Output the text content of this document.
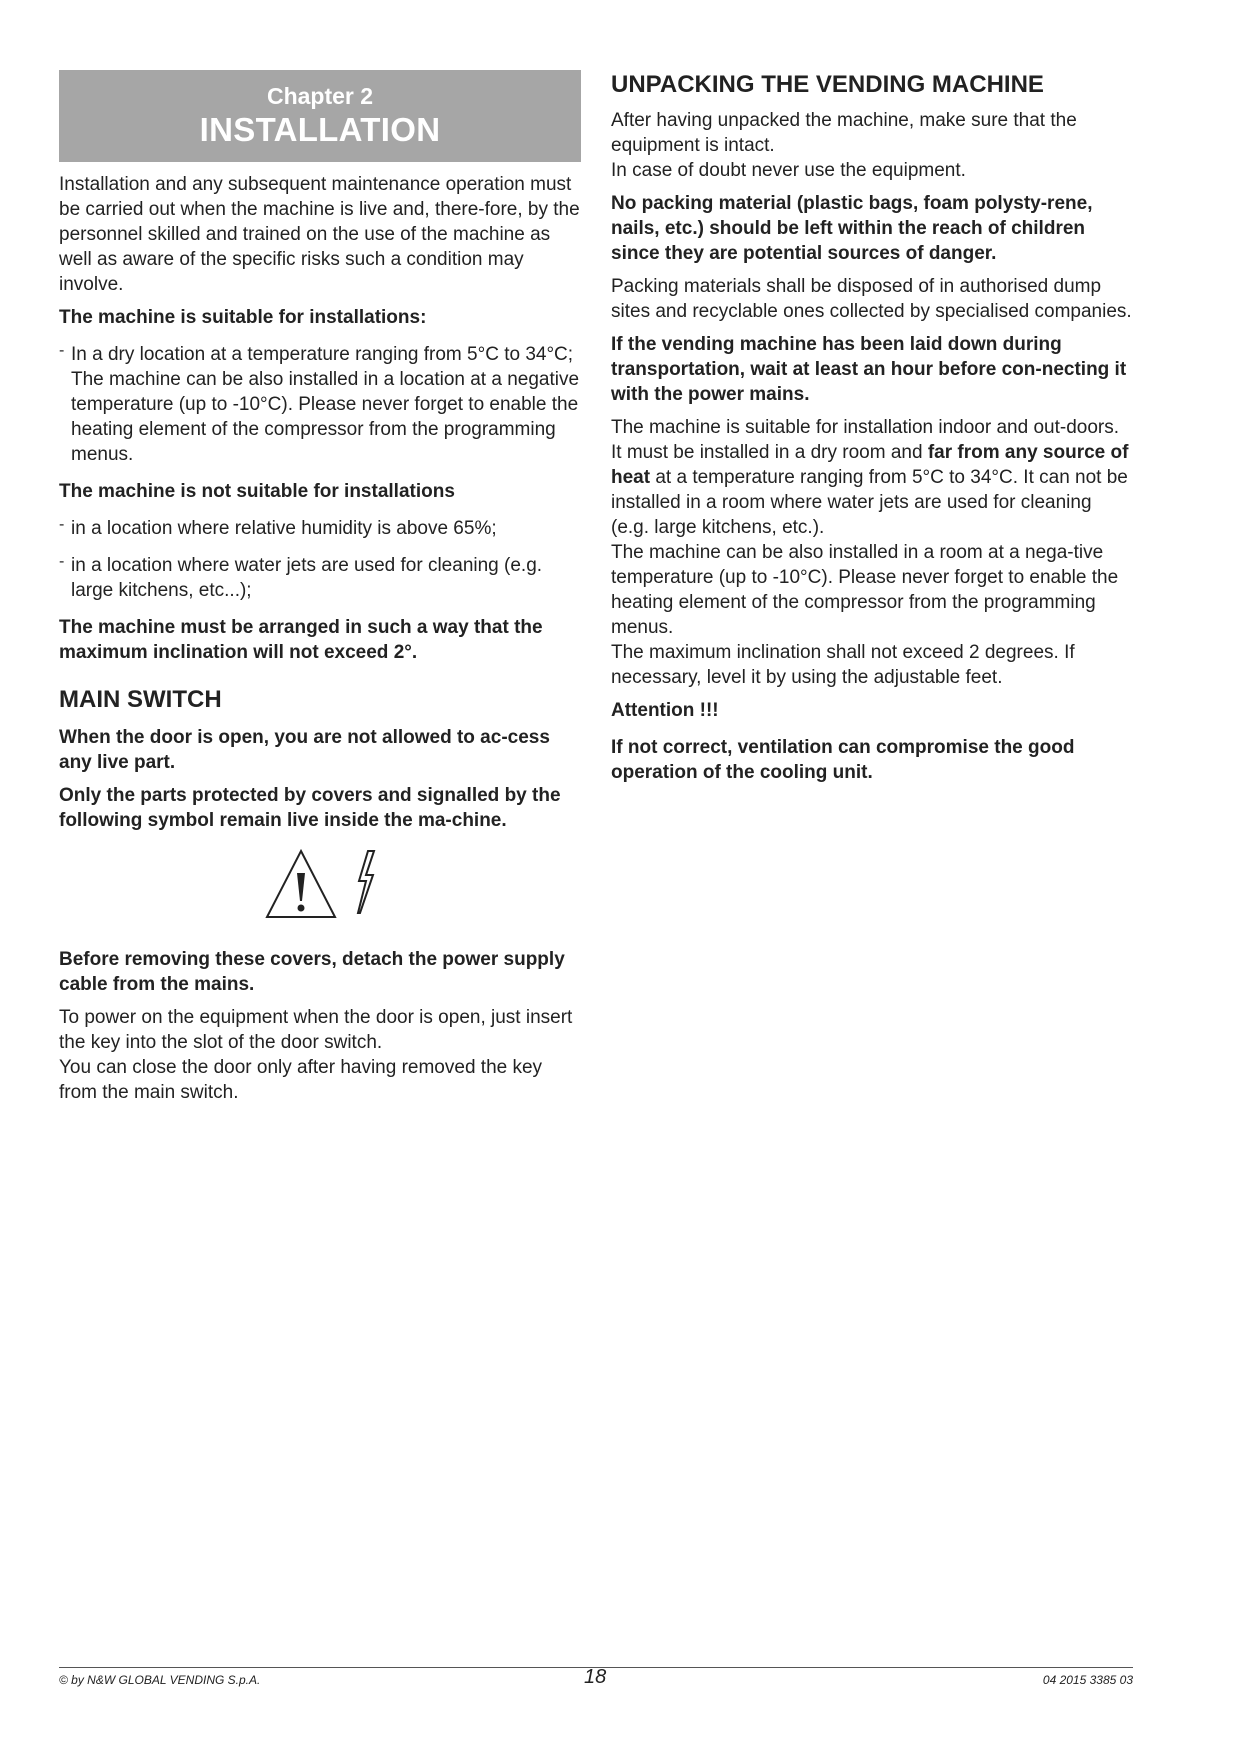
Chapter 2
INSTALLATION

Installation and any subsequent maintenance operation must be carried out when the machine is live and, there-fore, by the personnel skilled and trained on the use of the machine as well as aware of the specific risks such a condition may involve.

The machine is suitable for installations:

- In a dry location at a temperature ranging from 5°C to 34°C;

The machine can be also installed in a location at a negative temperature (up to -10°C). Please never forget to enable the heating element of the compressor from the programming menus.

The machine is not suitable for installations

- in a location where relative humidity is above 65%;

- in a location where water jets are used for cleaning (e.g. large kitchens, etc...);

The machine must be arranged in such a way that the maximum inclination will not exceed 2°.

MAIN SWITCH

When the door is open, you are not allowed to ac-cess any live part.

Only the parts protected by covers and signalled by the following symbol remain live inside the ma-chine.

Before removing these covers, detach the power supply cable from the mains.

To power on the equipment when the door is open, just insert the key into the slot of the door switch.

You can close the door only after having removed the key from the main switch.

UNPACKING THE VENDING MACHINE

After having unpacked the machine, make sure that the equipment is intact.

In case of doubt never use the equipment.

No packing material (plastic bags, foam polysty-rene, nails, etc.) should be left within the reach of children since they are potential sources of danger.

Packing materials shall be disposed of in authorised dump sites and recyclable ones collected by specialised companies.

If the vending machine has been laid down during transportation, wait at least an hour before con-necting it with the power mains.

The machine is suitable for installation indoor and out-doors.

It must be installed in a dry room and far from any source of heat at a temperature ranging from 5°C to 34°C. It can not be installed in a room where water jets are used for cleaning (e.g. large kitchens, etc.).

The machine can be also installed in a room at a nega-tive temperature (up to -10°C). Please never forget to enable the heating element of the compressor from the programming menus.

The maximum inclination shall not exceed 2 degrees. If necessary, level it by using the adjustable feet.

Attention !!!

If not correct, ventilation can compromise the good operation of the cooling unit.

© by N&W GLOBAL VENDING S.p.A.	18	04 2015 3385 03
